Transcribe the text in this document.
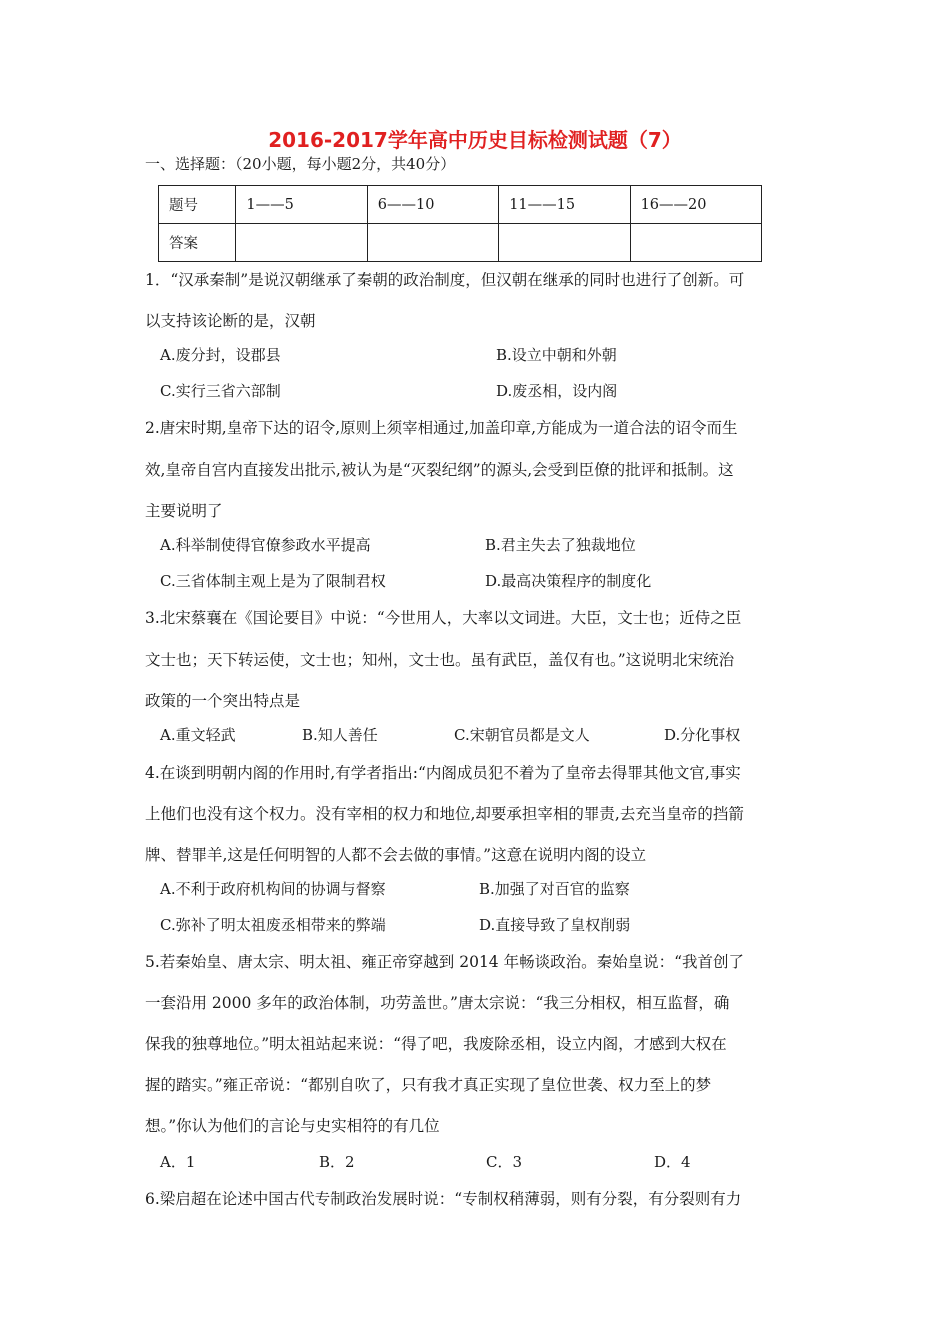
2016-2017学年高中历史目标检测试题（7）
一、选择题：（20小题，每小题2分，共40分）
题号	1——5	6——10	11——15	16——20
答案				
1．“汉承秦制”是说汉朝继承了秦朝的政治制度，但汉朝在继承的同时也进行了创新。可
以支持该论断的是，汉朝
A.废分封，设郡县	B.设立中朝和外朝
C.实行三省六部制	D.废丞相，设内阁
2.唐宋时期,皇帝下达的诏令,原则上须宰相通过,加盖印章,方能成为一道合法的诏令而生
效,皇帝自宫内直接发出批示,被认为是“灭裂纪纲”的源头,会受到臣僚的批评和抵制。这
主要说明了
A.科举制使得官僚参政水平提高	B.君主失去了独裁地位
C.三省体制主观上是为了限制君权	D.最高决策程序的制度化
3.北宋蔡襄在《国论要目》中说：“今世用人，大率以文词进。大臣，文士也；近侍之臣
文士也；天下转运使，文士也；知州，文士也。虽有武臣，盖仅有也。”这说明北宋统治
政策的一个突出特点是
A.重文轻武	B.知人善任	C.宋朝官员都是文人	D.分化事权
4.在谈到明朝内阁的作用时,有学者指出:“内阁成员犯不着为了皇帝去得罪其他文官,事实
上他们也没有这个权力。没有宰相的权力和地位,却要承担宰相的罪责,去充当皇帝的挡箭
牌、替罪羊,这是任何明智的人都不会去做的事情。”这意在说明内阁的设立
A.不利于政府机构间的协调与督察	B.加强了对百官的监察
C.弥补了明太祖废丞相带来的弊端	D.直接导致了皇权削弱
5.若秦始皇、唐太宗、明太祖、雍正帝穿越到 2014 年畅谈政治。秦始皇说：“我首创了
一套沿用 2000 多年的政治体制，功劳盖世。”唐太宗说：“我三分相权，相互监督，确
保我的独尊地位。”明太祖站起来说：“得了吧，我废除丞相，设立内阁，才感到大权在
握的踏实。”雍正帝说：“都别自吹了，只有我才真正实现了皇位世袭、权力至上的梦
想。”你认为他们的言论与史实相符的有几位
A．1	B．2	C．3	D．4
6.梁启超在论述中国古代专制政治发展时说：“专制权稍薄弱，则有分裂，有分裂则有力
